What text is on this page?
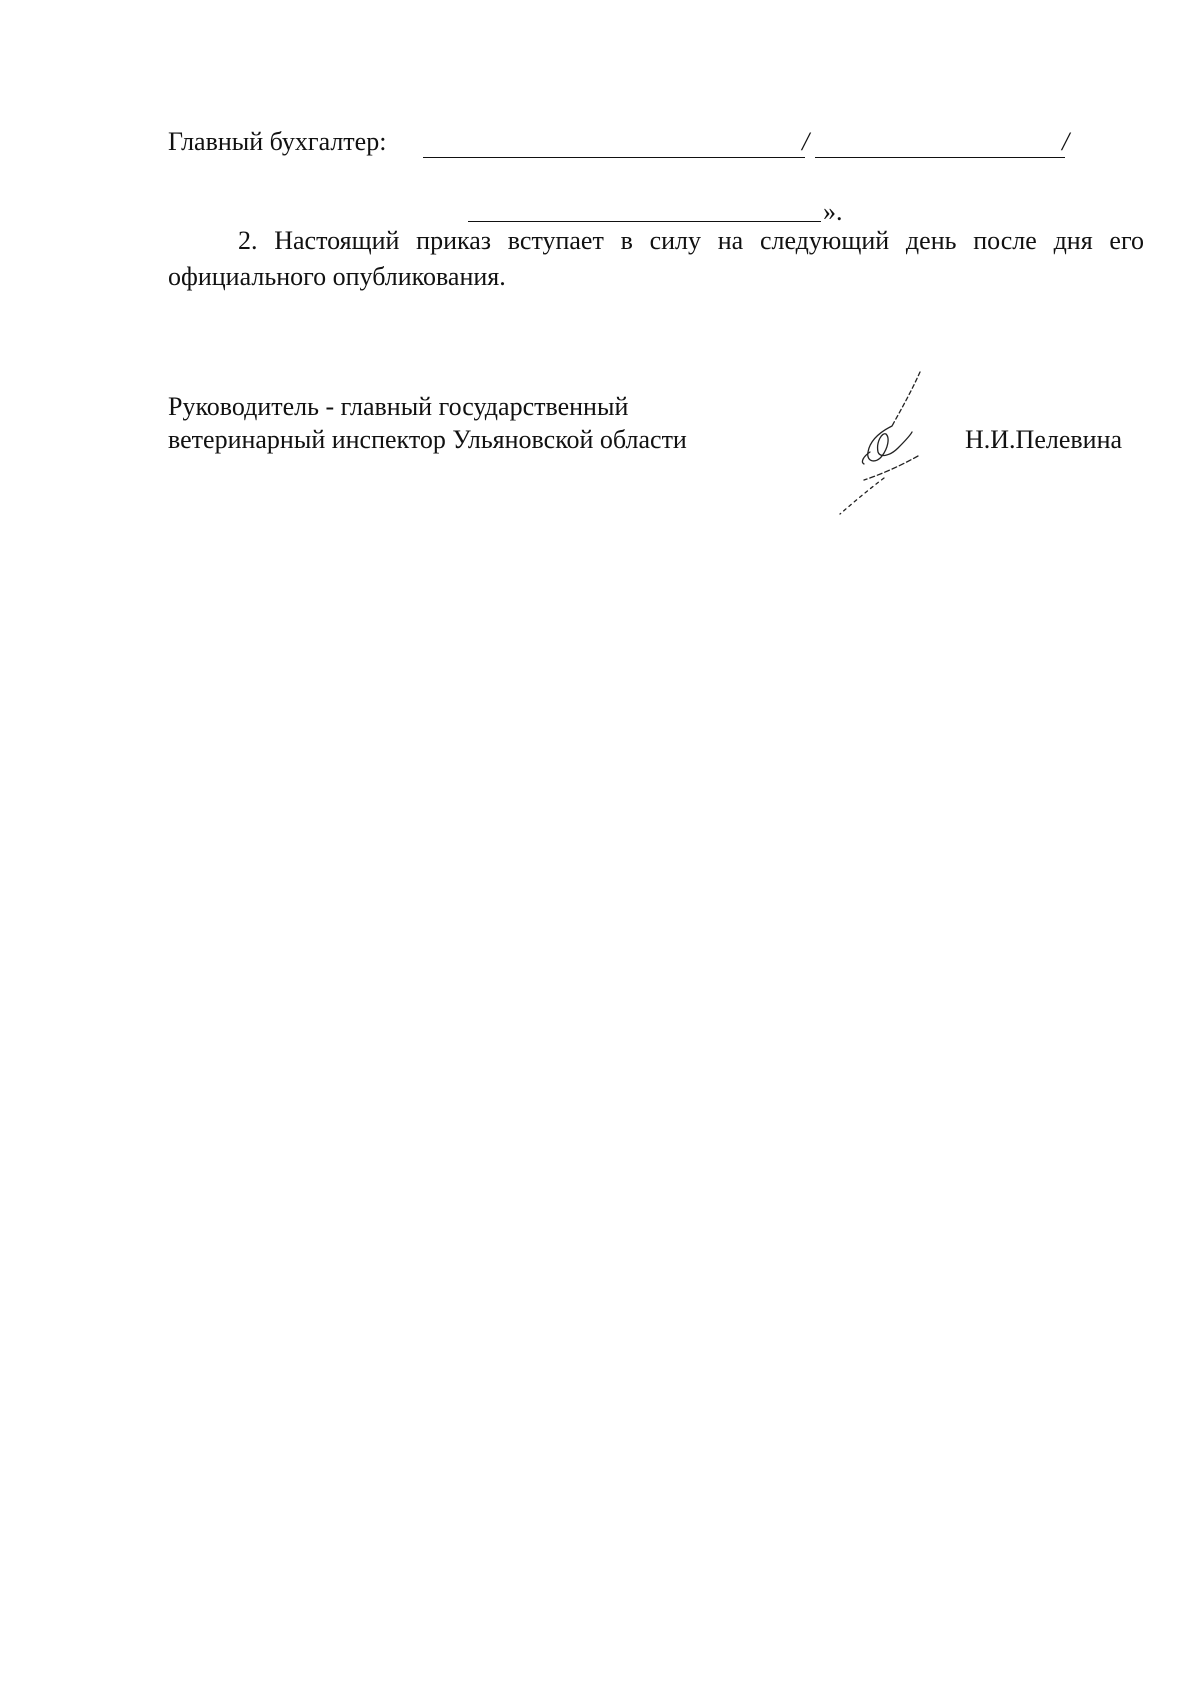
Главный бухгалтер:	/	/
».
2. Настоящий приказ вступает в силу на следующий день после дня его
официального опубликования.
Руководитель - главный государственный
ветеринарный инспектор Ульяновской области	Н.И.Пелевина
